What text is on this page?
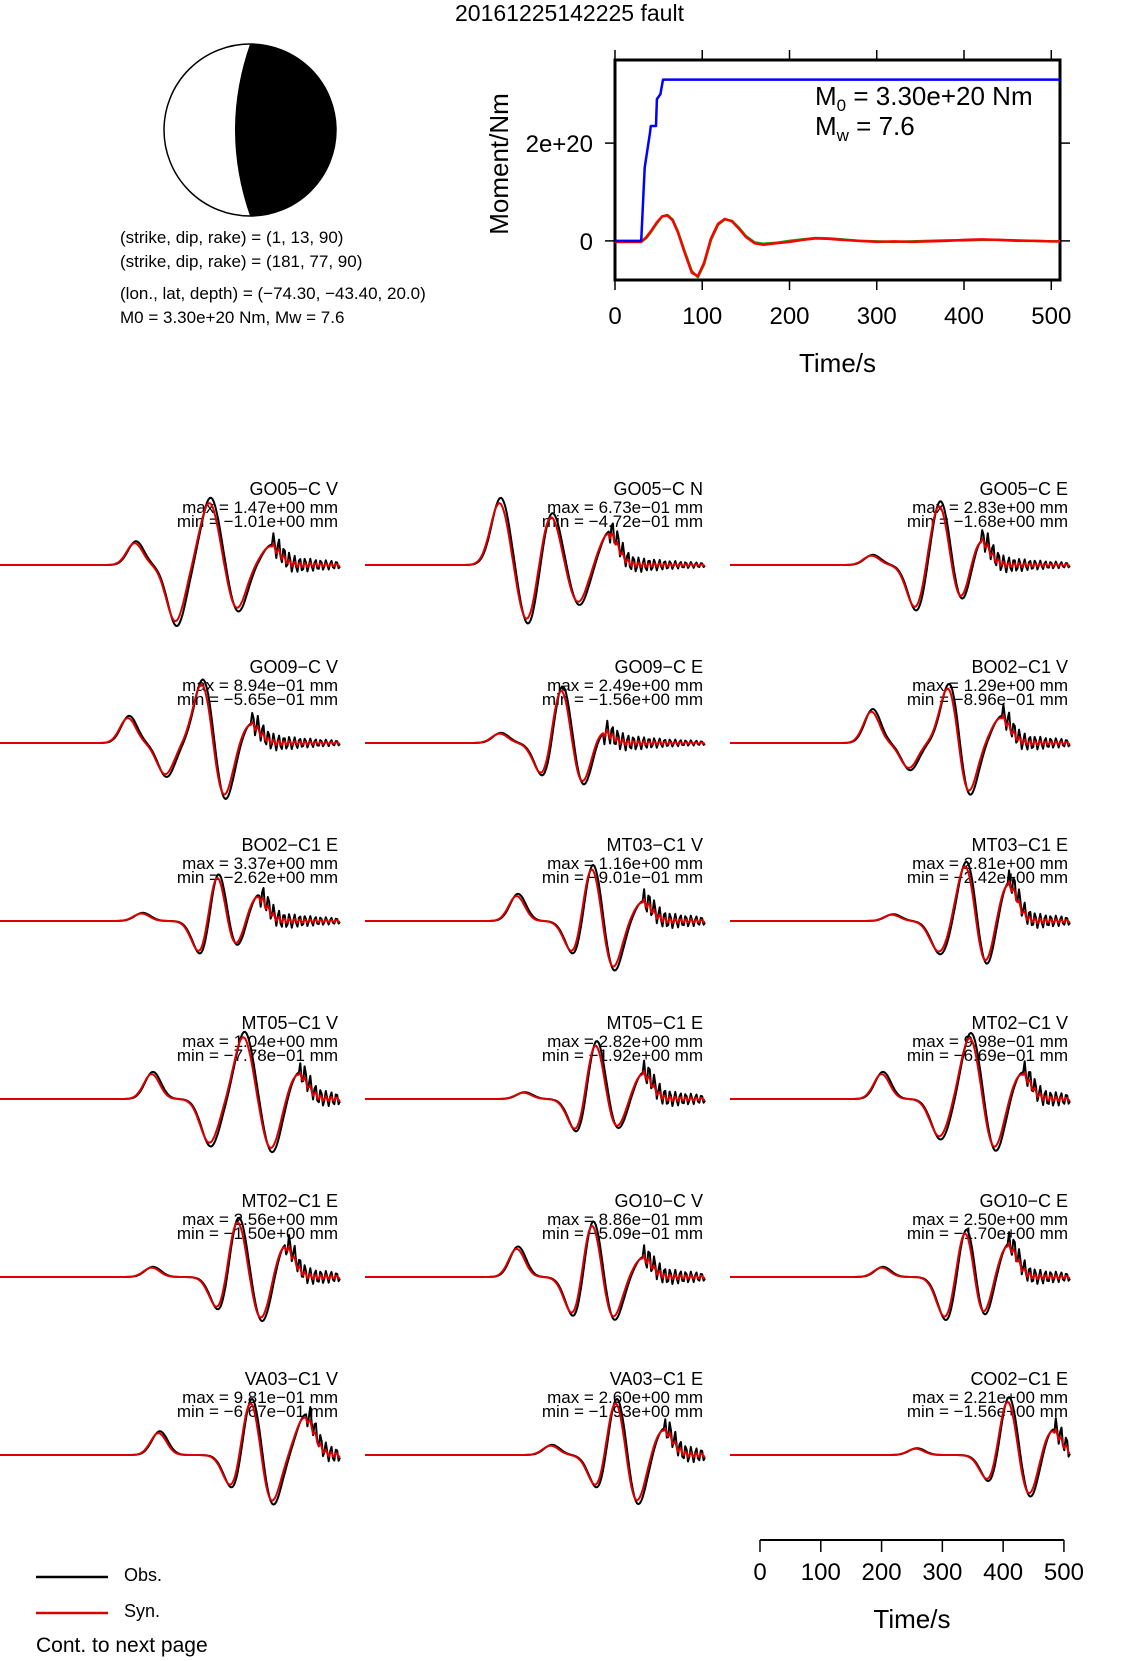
20161225142225 fault
(strike, dip, rake) = (1, 13, 90)
(strike, dip, rake) = (181, 77, 90)
(lon., lat, depth) = (−74.30, −43.40, 20.0)
M0 = 3.30e+20 Nm, Mw = 7.6	0	100 200 300 400 500
0
2e+20
Time/s
Moment/Nm	$M_0 = 3.30e+20$ Nm
$M_w = 7.6$
GO05−C V
max = 1.47e+00 mm
min = −1.01e+00 mm
GO05−C N
max = 6.73e−01 mm
min = −4.72e−01 mm
GO05−C E
max = 2.83e+00 mm
min = −1.68e+00 mm
GO09−C V
max = 8.94e−01 mm
min = −5.65e−01 mm
GO09−C E
max = 2.49e+00 mm
min = −1.56e+00 mm
BO02−C1 V
max = 1.29e+00 mm
min = −8.96e−01 mm
BO02−C1 E
max = 3.37e+00 mm
min = −2.62e+00 mm
MT03−C1 V
max = 1.16e+00 mm
min = −9.01e−01 mm
MT03−C1 E
max = 2.81e+00 mm
min = −2.42e+00 mm
MT05−C1 V
max = 1.04e+00 mm
min = −7.78e−01 mm
MT05−C1 E
max = 2.82e+00 mm
min = −1.92e+00 mm
MT02−C1 V
max = 9.98e−01 mm
min = −6.69e−01 mm
MT02−C1 E
max = 2.56e+00 mm
min = −1.50e+00 mm
GO10−C V
max = 8.86e−01 mm
min = −5.09e−01 mm
GO10−C E
max = 2.50e+00 mm
min = −1.70e+00 mm
VA03−C1 V
max = 9.81e−01 mm
min = −6.67e−01 mm
VA03−C1 E
max = 2.60e+00 mm
min = −1.93e+00 mm
CO02−C1 E
max = 2.21e+00 mm
min = −1.56e+00 mm
0 100 200 300 400 500
Time/s
Obs.
Syn.
Cont. to next page
